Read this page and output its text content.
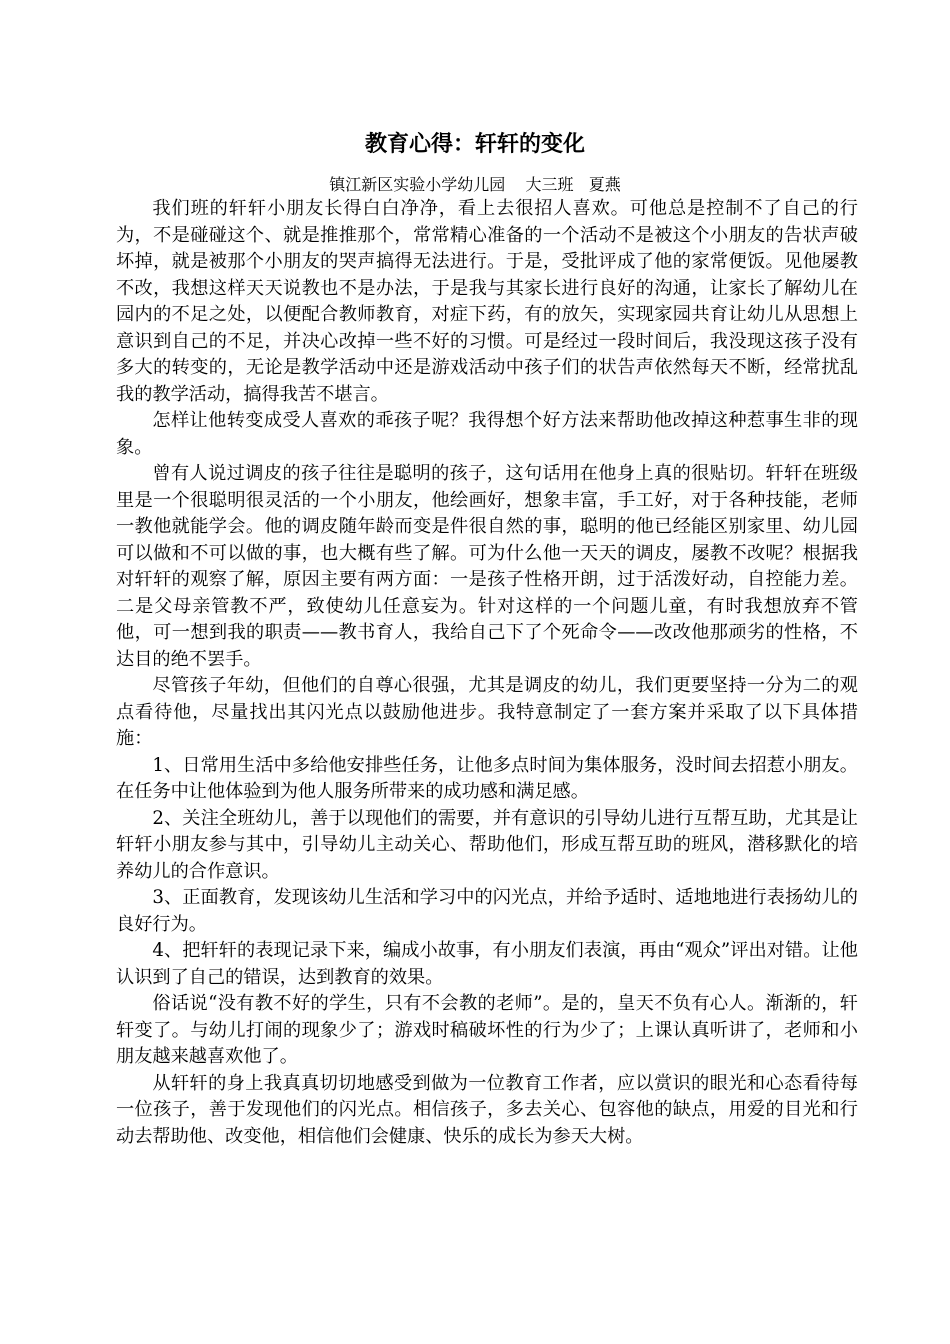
教育心得：轩轩的变化

镇江新区实验小学幼儿园    大三班   夏燕

我们班的轩轩小朋友长得白白净净，看上去很招人喜欢。可他总是控制不了自己的行为，不是碰碰这个、就是推推那个，常常精心准备的一个活动不是被这个小朋友的告状声破坏掉，就是被那个小朋友的哭声搞得无法进行。于是，受批评成了他的家常便饭。见他屡教不改，我想这样天天说教也不是办法，于是我与其家长进行良好的沟通，让家长了解幼儿在园内的不足之处，以便配合教师教育，对症下药，有的放矢，实现家园共育让幼儿从思想上意识到自己的不足，并决心改掉一些不好的习惯。可是经过一段时间后，我没现这孩子没有多大的转变的，无论是教学活动中还是游戏活动中孩子们的状告声依然每天不断，经常扰乱我的教学活动，搞得我苦不堪言。

怎样让他转变成受人喜欢的乖孩子呢？我得想个好方法来帮助他改掉这种惹事生非的现象。

曾有人说过调皮的孩子往往是聪明的孩子，这句话用在他身上真的很贴切。轩轩在班级里是一个很聪明很灵活的一个小朋友，他绘画好，想象丰富，手工好，对于各种技能，老师一教他就能学会。他的调皮随年龄而变是件很自然的事，聪明的他已经能区别家里、幼儿园可以做和不可以做的事，也大概有些了解。可为什么他一天天的调皮，屡教不改呢？根据我对轩轩的观察了解，原因主要有两方面：一是孩子性格开朗，过于活泼好动，自控能力差。二是父母亲管教不严，致使幼儿任意妄为。针对这样的一个问题儿童，有时我想放弃不管他，可一想到我的职责——教书育人，我给自己下了个死命令——改改他那顽劣的性格，不达目的绝不罢手。

尽管孩子年幼，但他们的自尊心很强，尤其是调皮的幼儿，我们更要坚持一分为二的观点看待他，尽量找出其闪光点以鼓励他进步。我特意制定了一套方案并采取了以下具体措施：

1、日常用生活中多给他安排些任务，让他多点时间为集体服务，没时间去招惹小朋友。在任务中让他体验到为他人服务所带来的成功感和满足感。

2、关注全班幼儿，善于以现他们的需要，并有意识的引导幼儿进行互帮互助，尤其是让轩轩小朋友参与其中，引导幼儿主动关心、帮助他们，形成互帮互助的班风，潜移默化的培养幼儿的合作意识。

3、正面教育，发现该幼儿生活和学习中的闪光点，并给予适时、适地地进行表扬幼儿的良好行为。

4、把轩轩的表现记录下来，编成小故事，有小朋友们表演，再由“观众”评出对错。让他认识到了自己的错误，达到教育的效果。

俗话说“没有教不好的学生，只有不会教的老师”。是的，皇天不负有心人。渐渐的，轩轩变了。与幼儿打闹的现象少了；游戏时稿破坏性的行为少了；上课认真听讲了，老师和小朋友越来越喜欢他了。

从轩轩的身上我真真切切地感受到做为一位教育工作者，应以赏识的眼光和心态看待每一位孩子，善于发现他们的闪光点。相信孩子，多去关心、包容他的缺点，用爱的目光和行动去帮助他、改变他，相信他们会健康、快乐的成长为参天大树。
